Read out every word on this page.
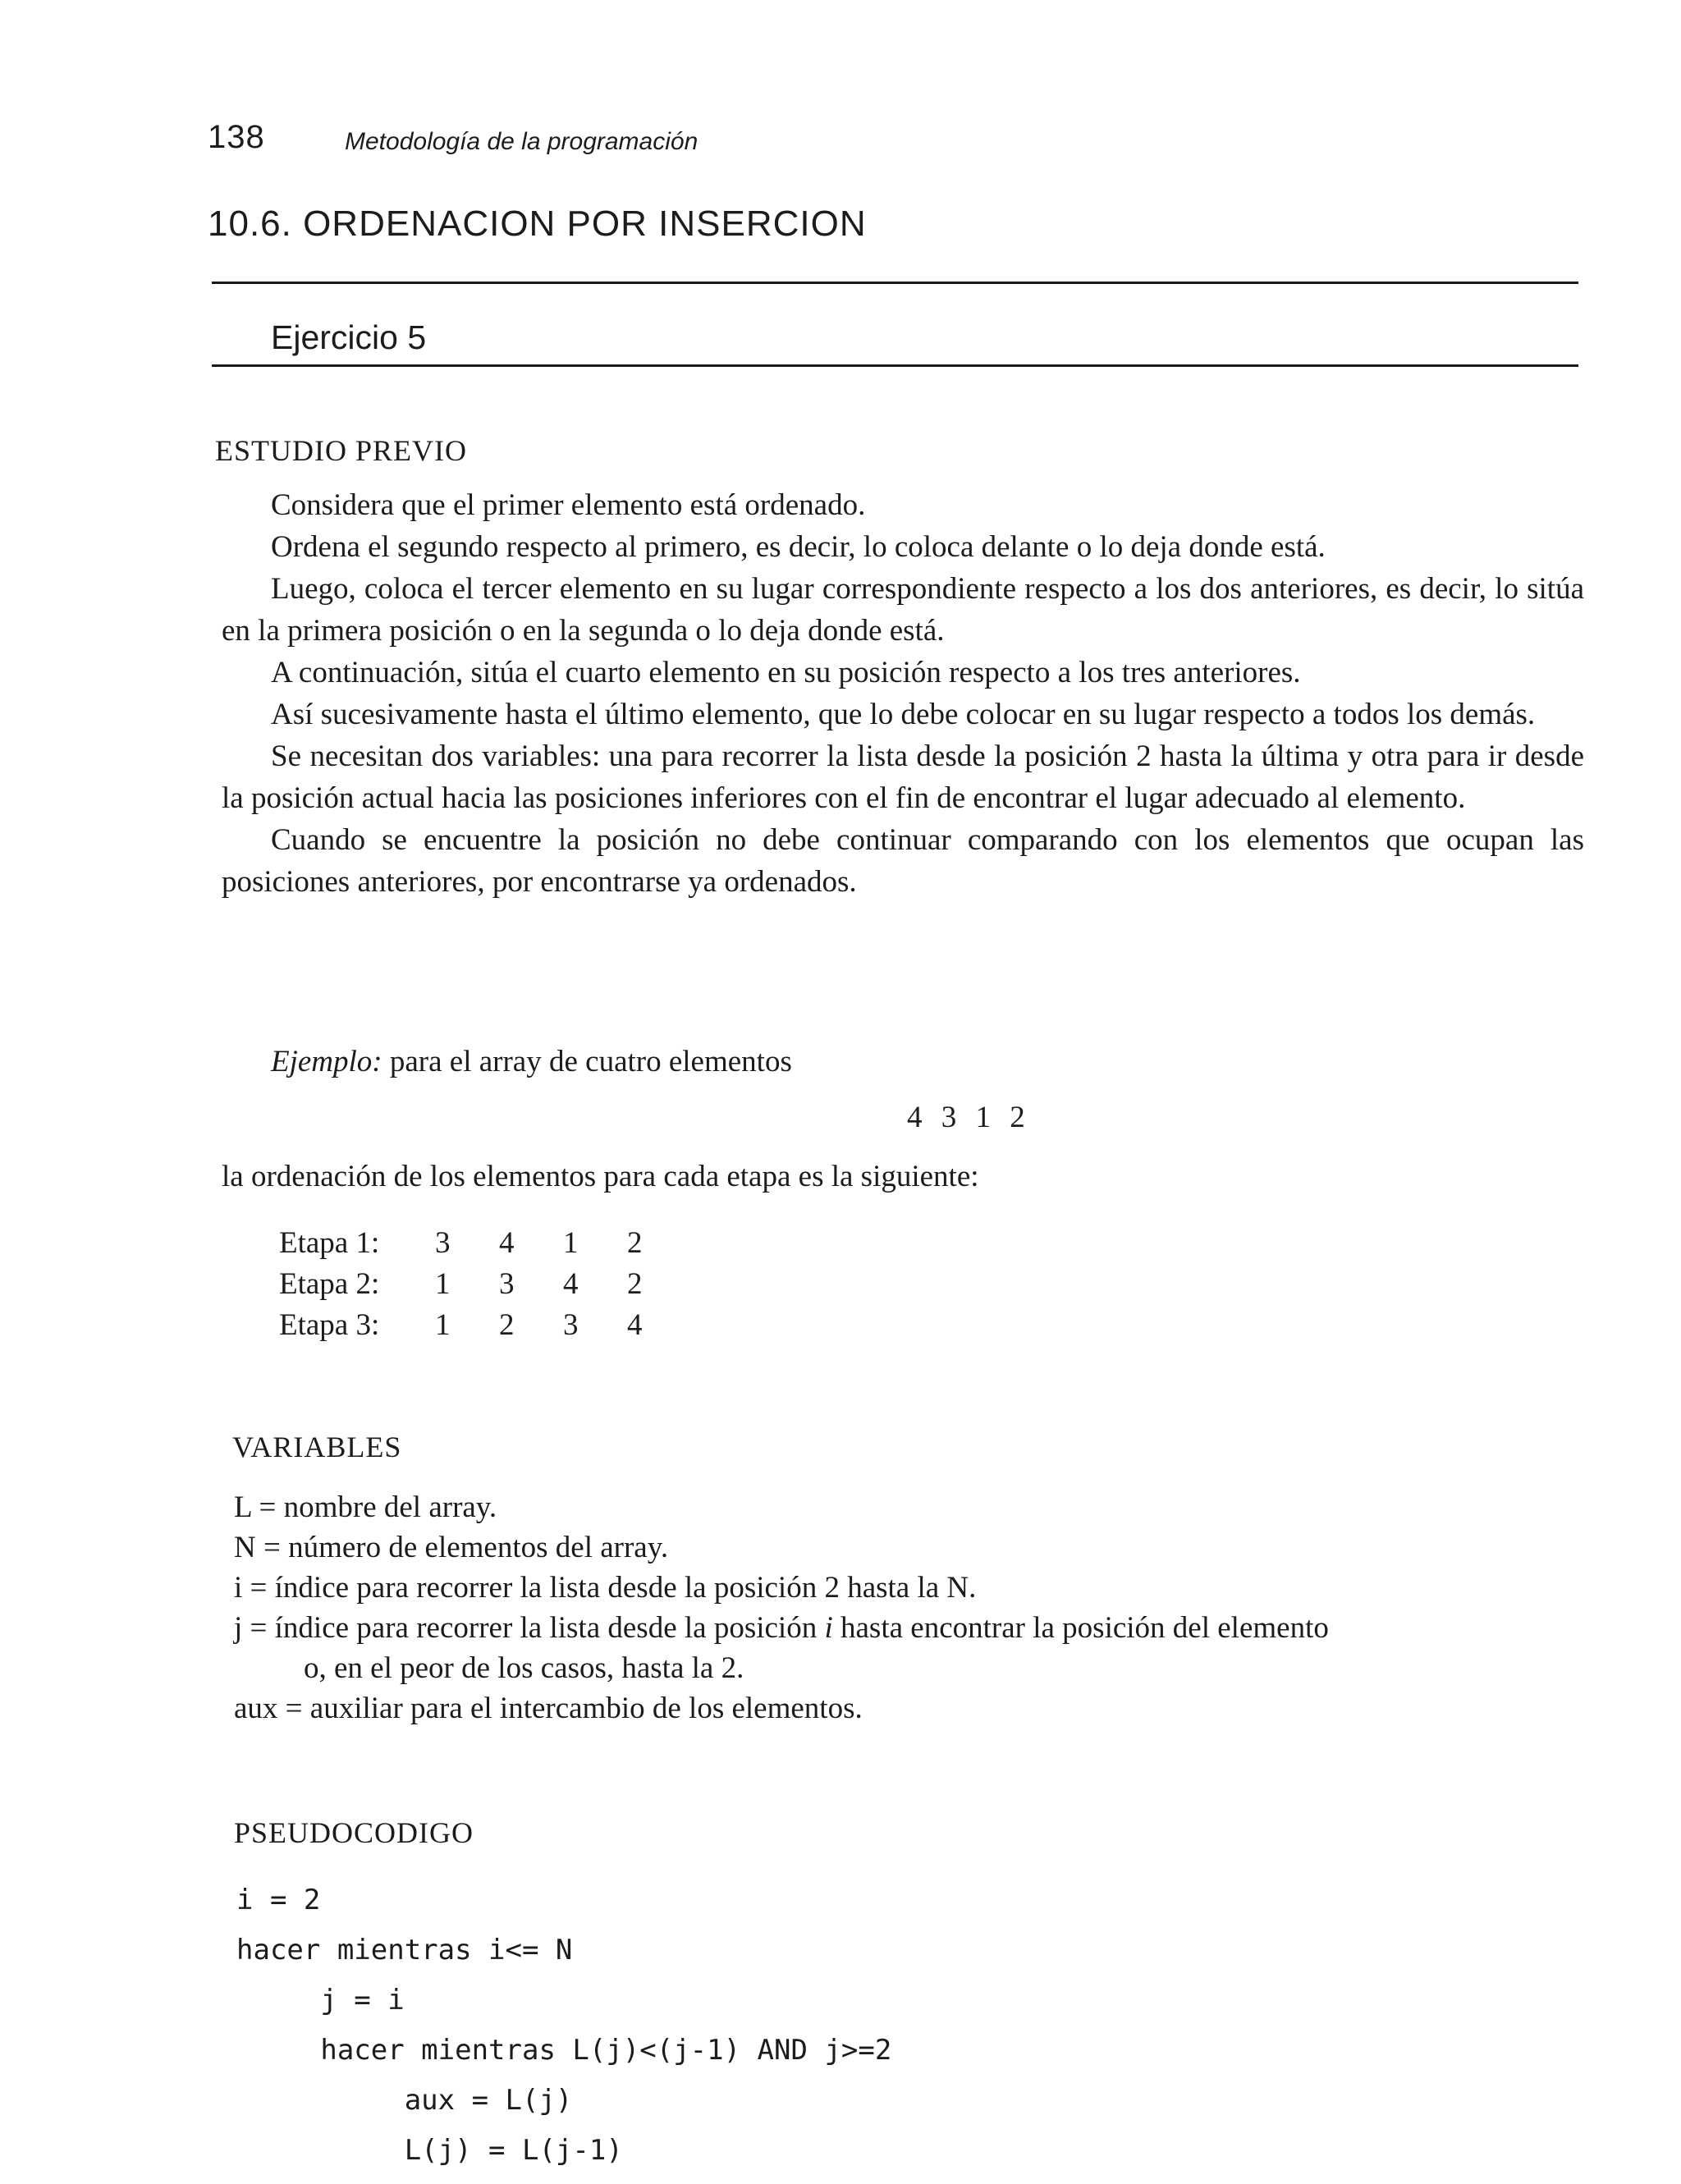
138	Metodología de la programación
10.6. ORDENACION POR INSERCION
Ejercicio 5
ESTUDIO PREVIO

Considera que el primer elemento está ordenado.

Ordena el segundo respecto al primero, es decir, lo coloca delante o lo deja donde está.

Luego, coloca el tercer elemento en su lugar correspondiente respecto a los dos anteriores, es decir, lo sitúa en la primera posición o en la segunda o lo deja donde está.

A continuación, sitúa el cuarto elemento en su posición respecto a los tres anteriores.

Así sucesivamente hasta el último elemento, que lo debe colocar en su lugar respecto a todos los demás.

Se necesitan dos variables: una para recorrer la lista desde la posición 2 hasta la última y otra para ir desde la posición actual hacia las posiciones inferiores con el fin de encontrar el lugar adecuado al elemento.

Cuando se encuentre la posición no debe continuar comparando con los elementos que ocupan las posiciones anteriores, por encontrarse ya ordenados.

Ejemplo: para el array de cuatro elementos
4 3 1 2
la ordenación de los elementos para cada etapa es la siguiente:
Etapa 1:	3	4	1	2
Etapa 2:	1	3	4	2
Etapa 3:	1	2	3	4
VARIABLES
L = nombre del array.
N = número de elementos del array.
i = índice para recorrer la lista desde la posición 2 hasta la N.
j = índice para recorrer la lista desde la posición i hasta encontrar la posición del elemento
o, en el peor de los casos, hasta la 2.
aux = auxiliar para el intercambio de los elementos.
PSEUDOCODIGO
i = 2
hacer mientras i<= N
j = i
hacer mientras L(j)<(j-1) AND j>=2
aux = L(j)
L(j) = L(j-1)
